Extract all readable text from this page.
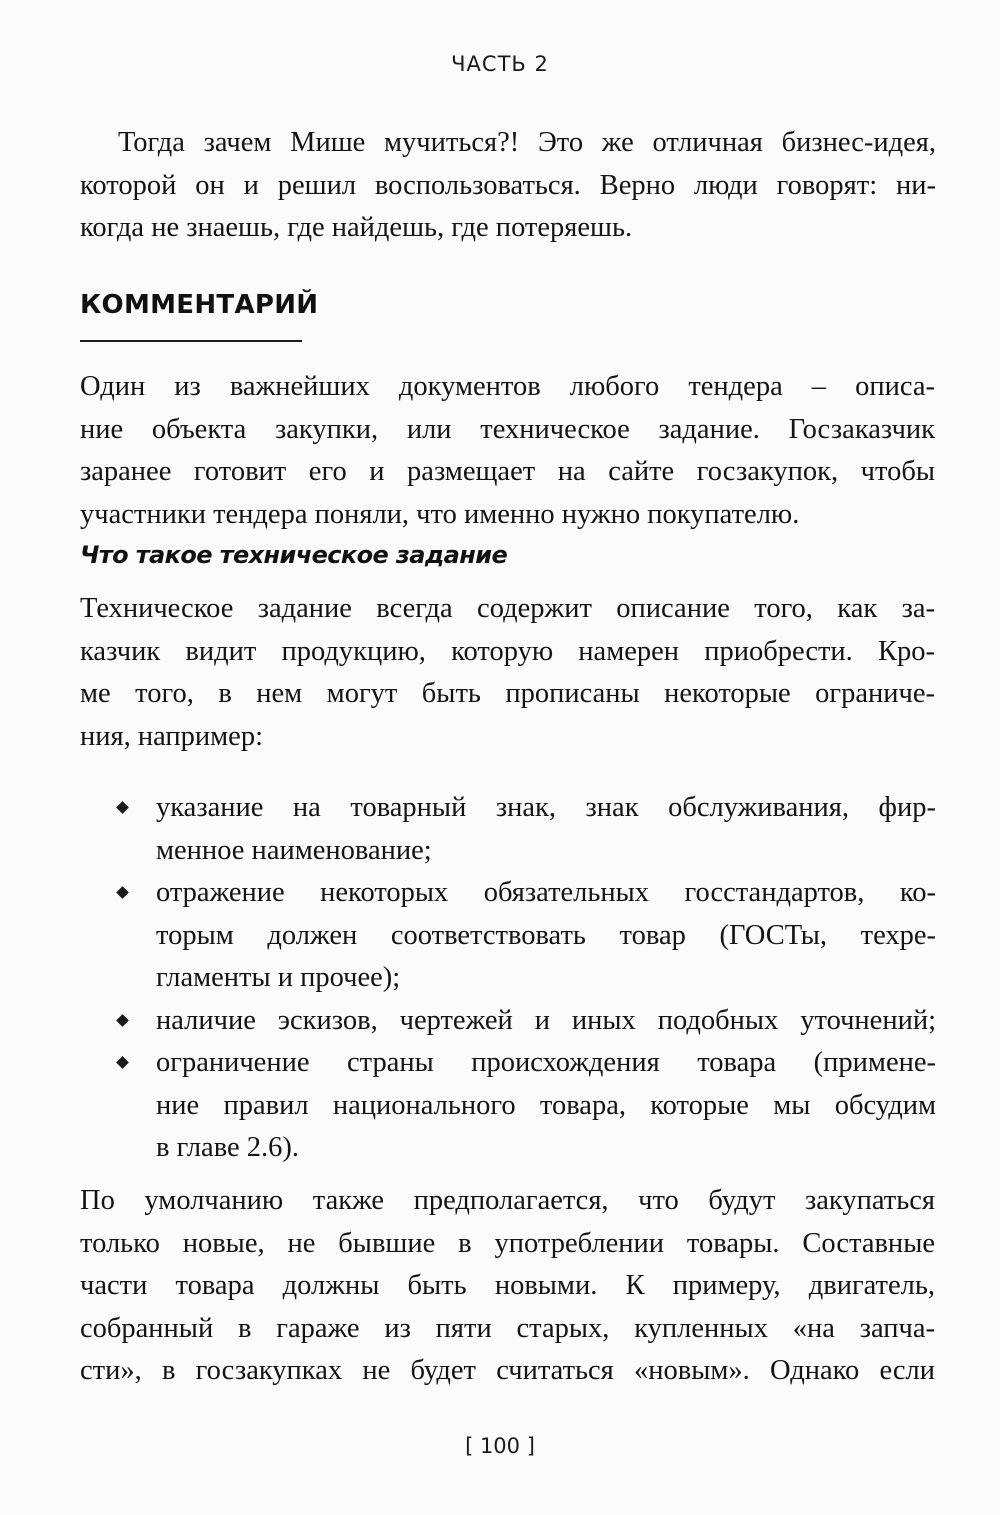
ЧАСТЬ 2
Тогда зачем Мише мучиться?! Это же отличная бизнес-идея,
которой он и решил воспользоваться. Верно люди говорят: ни-
когда не знаешь, где найдешь, где потеряешь.
КОММЕНТАРИЙ
Один из важнейших документов любого тендера – описа-
ние объекта закупки, или техническое задание. Госзаказчик
заранее готовит его и размещает на сайте госзакупок, чтобы
участники тендера поняли, что именно нужно покупателю.
Что такое техническое задание
Техническое задание всегда содержит описание того, как за-
казчик видит продукцию, которую намерен приобрести. Кро-
ме того, в нем могут быть прописаны некоторые ограниче-
ния, например:
указание на товарный знак, знак обслуживания, фир-
менное наименование;
отражение некоторых обязательных госстандартов, ко-
торым должен соответствовать товар (ГОСТы, техре-
гламенты и прочее);
наличие эскизов, чертежей и иных подобных уточнений;
ограничение страны происхождения товара (примене-
ние правил национального товара, которые мы обсудим
в главе 2.6).
По умолчанию также предполагается, что будут закупаться
только новые, не бывшие в употреблении товары. Составные
части товара должны быть новыми. К примеру, двигатель,
собранный в гараже из пяти старых, купленных «на запча-
сти», в госзакупках не будет считаться «новым». Однако если
[ 100 ]
